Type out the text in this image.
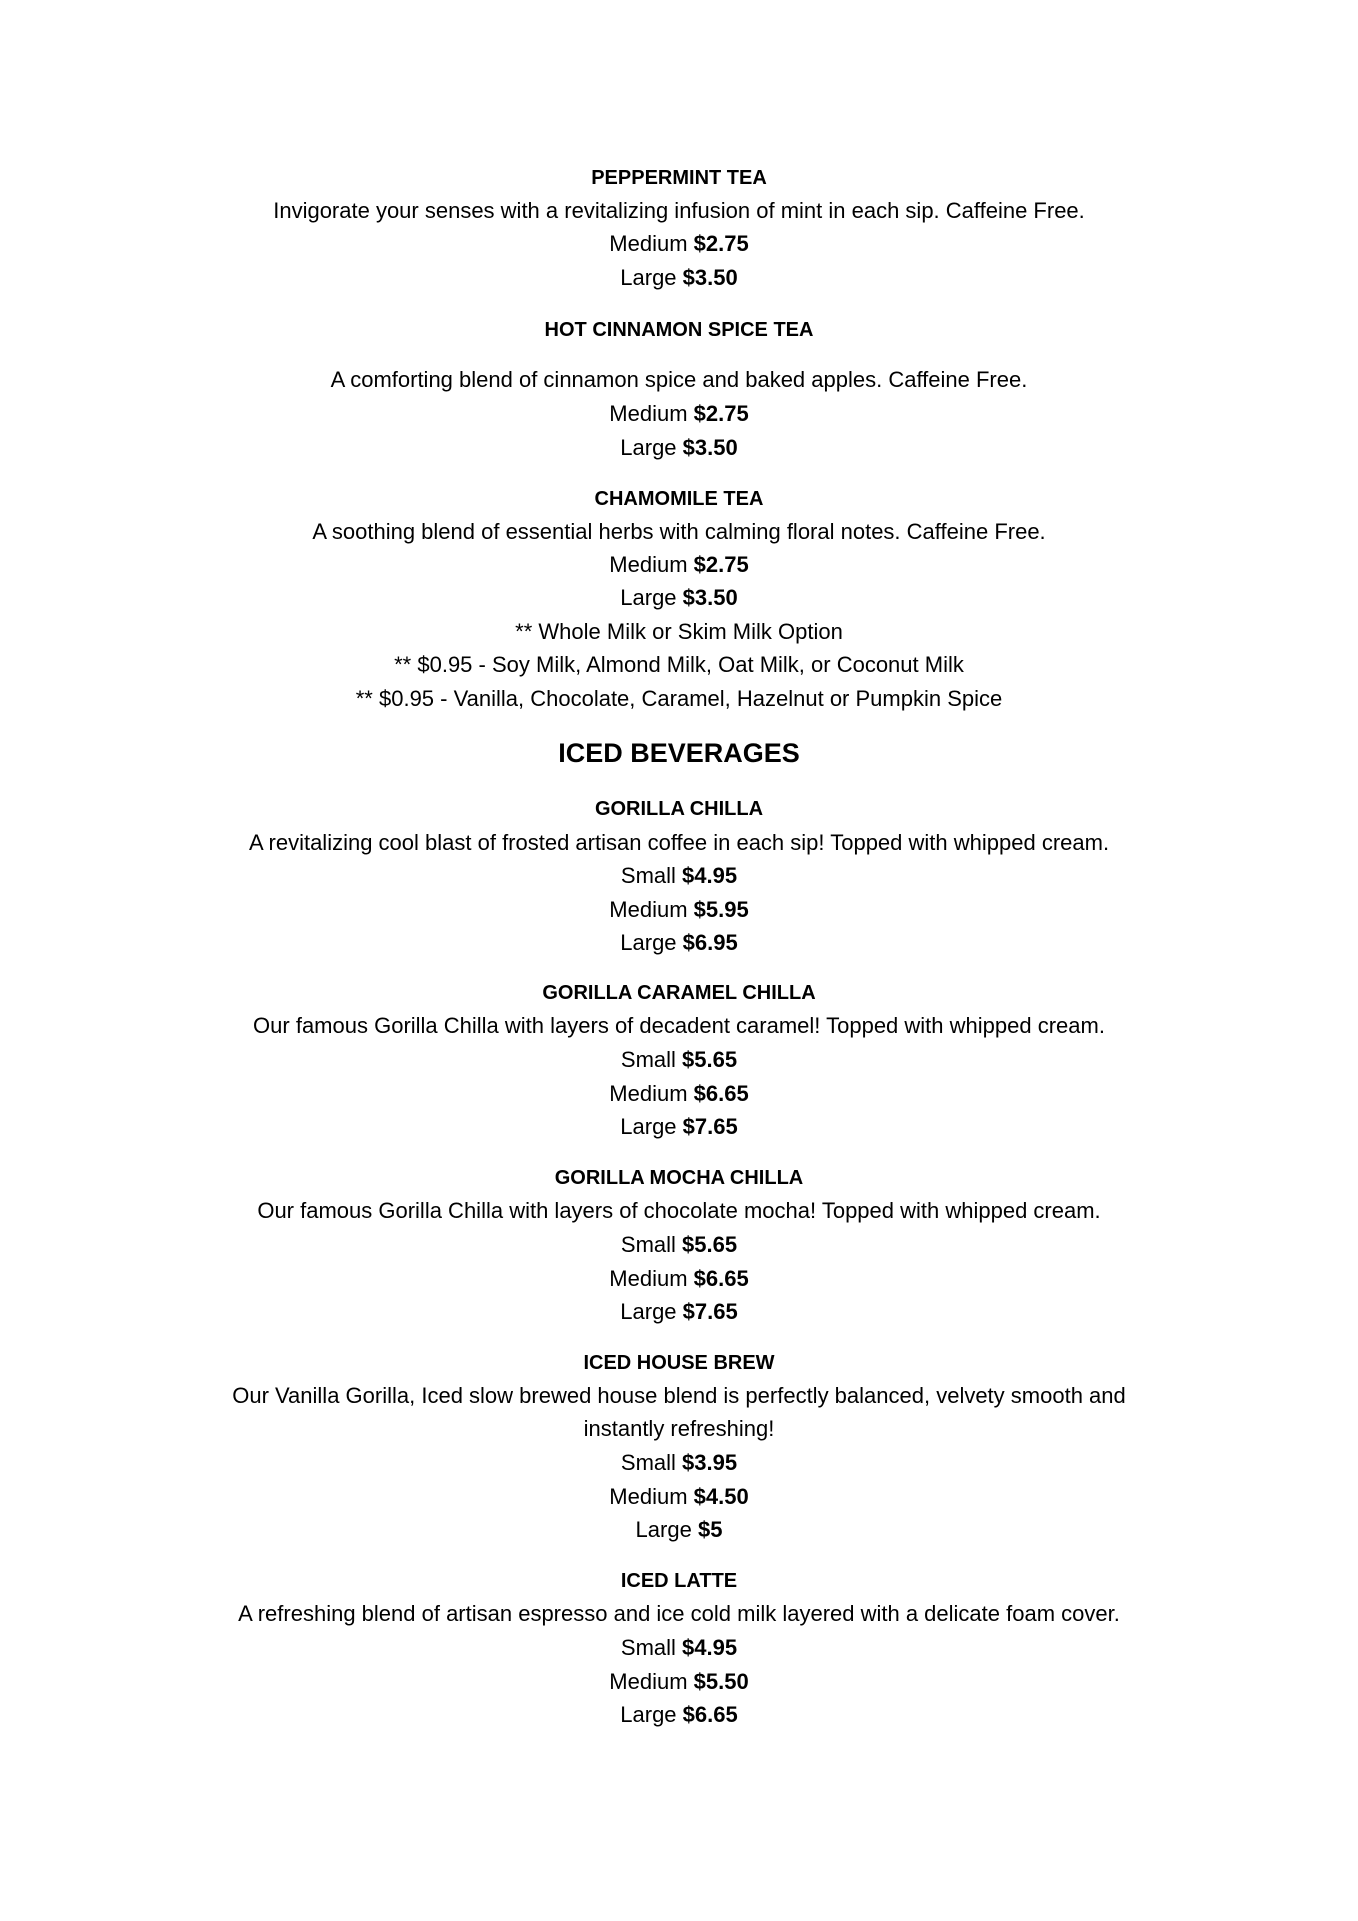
PEPPERMINT TEA
Invigorate your senses with a revitalizing infusion of mint in each sip. Caffeine Free.
Medium $2.75
Large $3.50
HOT CINNAMON SPICE TEA
A comforting blend of cinnamon spice and baked apples. Caffeine Free.
Medium $2.75
Large $3.50
CHAMOMILE TEA
A soothing blend of essential herbs with calming floral notes. Caffeine Free.
Medium $2.75
Large $3.50
** Whole Milk or Skim Milk Option
** $0.95 - Soy Milk, Almond Milk, Oat Milk, or Coconut Milk
** $0.95 - Vanilla, Chocolate, Caramel, Hazelnut or Pumpkin Spice
ICED BEVERAGES
GORILLA CHILLA
A revitalizing cool blast of frosted artisan coffee in each sip! Topped with whipped cream.
Small $4.95
Medium $5.95
Large $6.95
GORILLA CARAMEL CHILLA
Our famous Gorilla Chilla with layers of decadent caramel! Topped with whipped cream.
Small $5.65
Medium $6.65
Large $7.65
GORILLA MOCHA CHILLA
Our famous Gorilla Chilla with layers of chocolate mocha! Topped with whipped cream.
Small $5.65
Medium $6.65
Large $7.65
ICED HOUSE BREW
Our Vanilla Gorilla, Iced slow brewed house blend is perfectly balanced, velvety smooth and
instantly refreshing!
Small $3.95
Medium $4.50
Large $5
ICED LATTE
A refreshing blend of artisan espresso and ice cold milk layered with a delicate foam cover.
Small $4.95
Medium $5.50
Large $6.65
